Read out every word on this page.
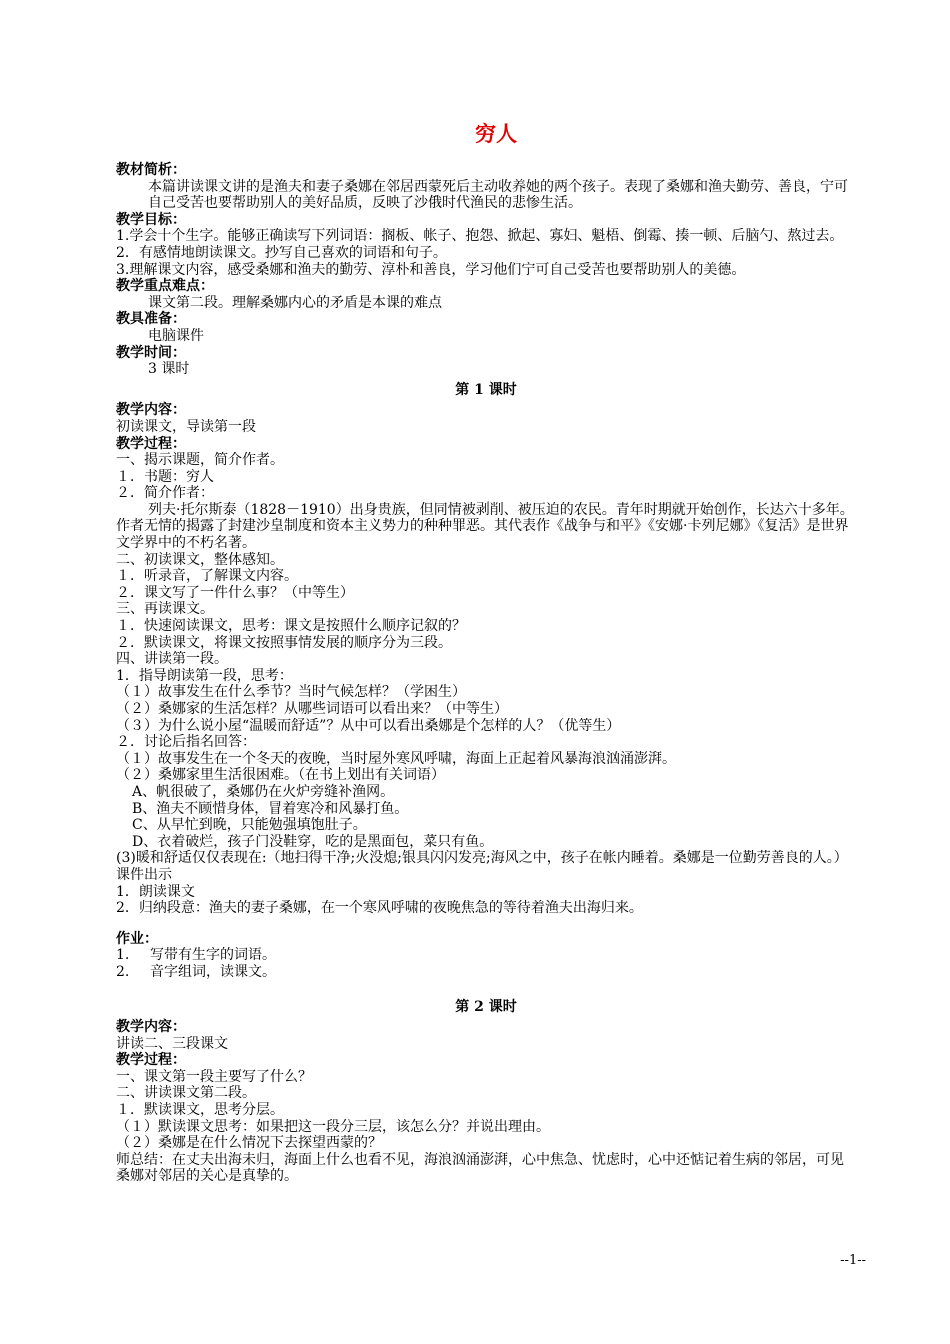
穷人
教材简析：
本篇讲读课文讲的是渔夫和妻子桑娜在邻居西蒙死后主动收养她的两个孩子。表现了桑娜和渔夫勤劳、善良，宁可自己受苦也要帮助别人的美好品质，反映了沙俄时代渔民的悲惨生活。
教学目标：
1.学会十个生字。能够正确读写下列词语：搁板、帐子、抱怨、掀起、寡妇、魁梧、倒霉、揍一顿、后脑勺、熬过去。
2．有感情地朗读课文。抄写自己喜欢的词语和句子。
3.理解课文内容，感受桑娜和渔夫的勤劳、淳朴和善良，学习他们宁可自己受苦也要帮助别人的美德。
教学重点难点：
课文第二段。理解桑娜内心的矛盾是本课的难点
教具准备：
电脑课件
教学时间：
3 课时
第 1 课时
教学内容：
初读课文，导读第一段
教学过程：
一、揭示课题，简介作者。
１．书题：穷人
２．简介作者：
列夫·托尔斯泰（1828－1910）出身贵族，但同情被剥削、被压迫的农民。青年时期就开始创作，长达六十多年。作者无情的揭露了封建沙皇制度和资本主义势力的种种罪恶。其代表作《战争与和平》《安娜·卡列尼娜》《复活》是世界文学界中的不朽名著。
二、初读课文，整体感知。
１．听录音，了解课文内容。
２．课文写了一件什么事？（中等生）
三、再读课文。
１．快速阅读课文，思考：课文是按照什么顺序记叙的？
２．默读课文，将课文按照事情发展的顺序分为三段。
四、讲读第一段。
1．指导朗读第一段，思考：
（１）故事发生在什么季节？当时气候怎样？（学困生）
（２）桑娜家的生活怎样？从哪些词语可以看出来？（中等生）
（３）为什么说小屋“温暖而舒适”？从中可以看出桑娜是个怎样的人？（优等生）
２．讨论后指名回答：
（１）故事发生在一个冬天的夜晚，当时屋外寒风呼啸，海面上正起着风暴海浪汹涌澎湃。
（２）桑娜家里生活很困难。（在书上划出有关词语）
A、帆很破了，桑娜仍在火炉旁缝补渔网。
B、渔夫不顾惜身体，冒着寒冷和风暴打鱼。
C、从早忙到晚，只能勉强填饱肚子。
D、衣着破烂，孩子门没鞋穿，吃的是黑面包，菜只有鱼。
(3)暖和舒适仅仅表现在:（地扫得干净;火没熄;银具闪闪发亮;海风之中，孩子在帐内睡着。桑娜是一位勤劳善良的人。）课件出示
1．朗读课文
2．归纳段意：渔夫的妻子桑娜，在一个寒风呼啸的夜晚焦急的等待着渔夫出海归来。
作业：
1.	写带有生字的词语。
2.	音字组词，读课文。
第 2 课时
教学内容：
讲读二、三段课文
教学过程：
一、课文第一段主要写了什么？
二、讲读课文第二段。
１．默读课文，思考分层。
（１）默读课文思考：如果把这一段分三层，该怎么分？并说出理由。
（２）桑娜是在什么情况下去探望西蒙的？
师总结：在丈夫出海未归，海面上什么也看不见，海浪汹涌澎湃，心中焦急、忧虑时，心中还惦记着生病的邻居，可见桑娜对邻居的关心是真挚的。
--1--
